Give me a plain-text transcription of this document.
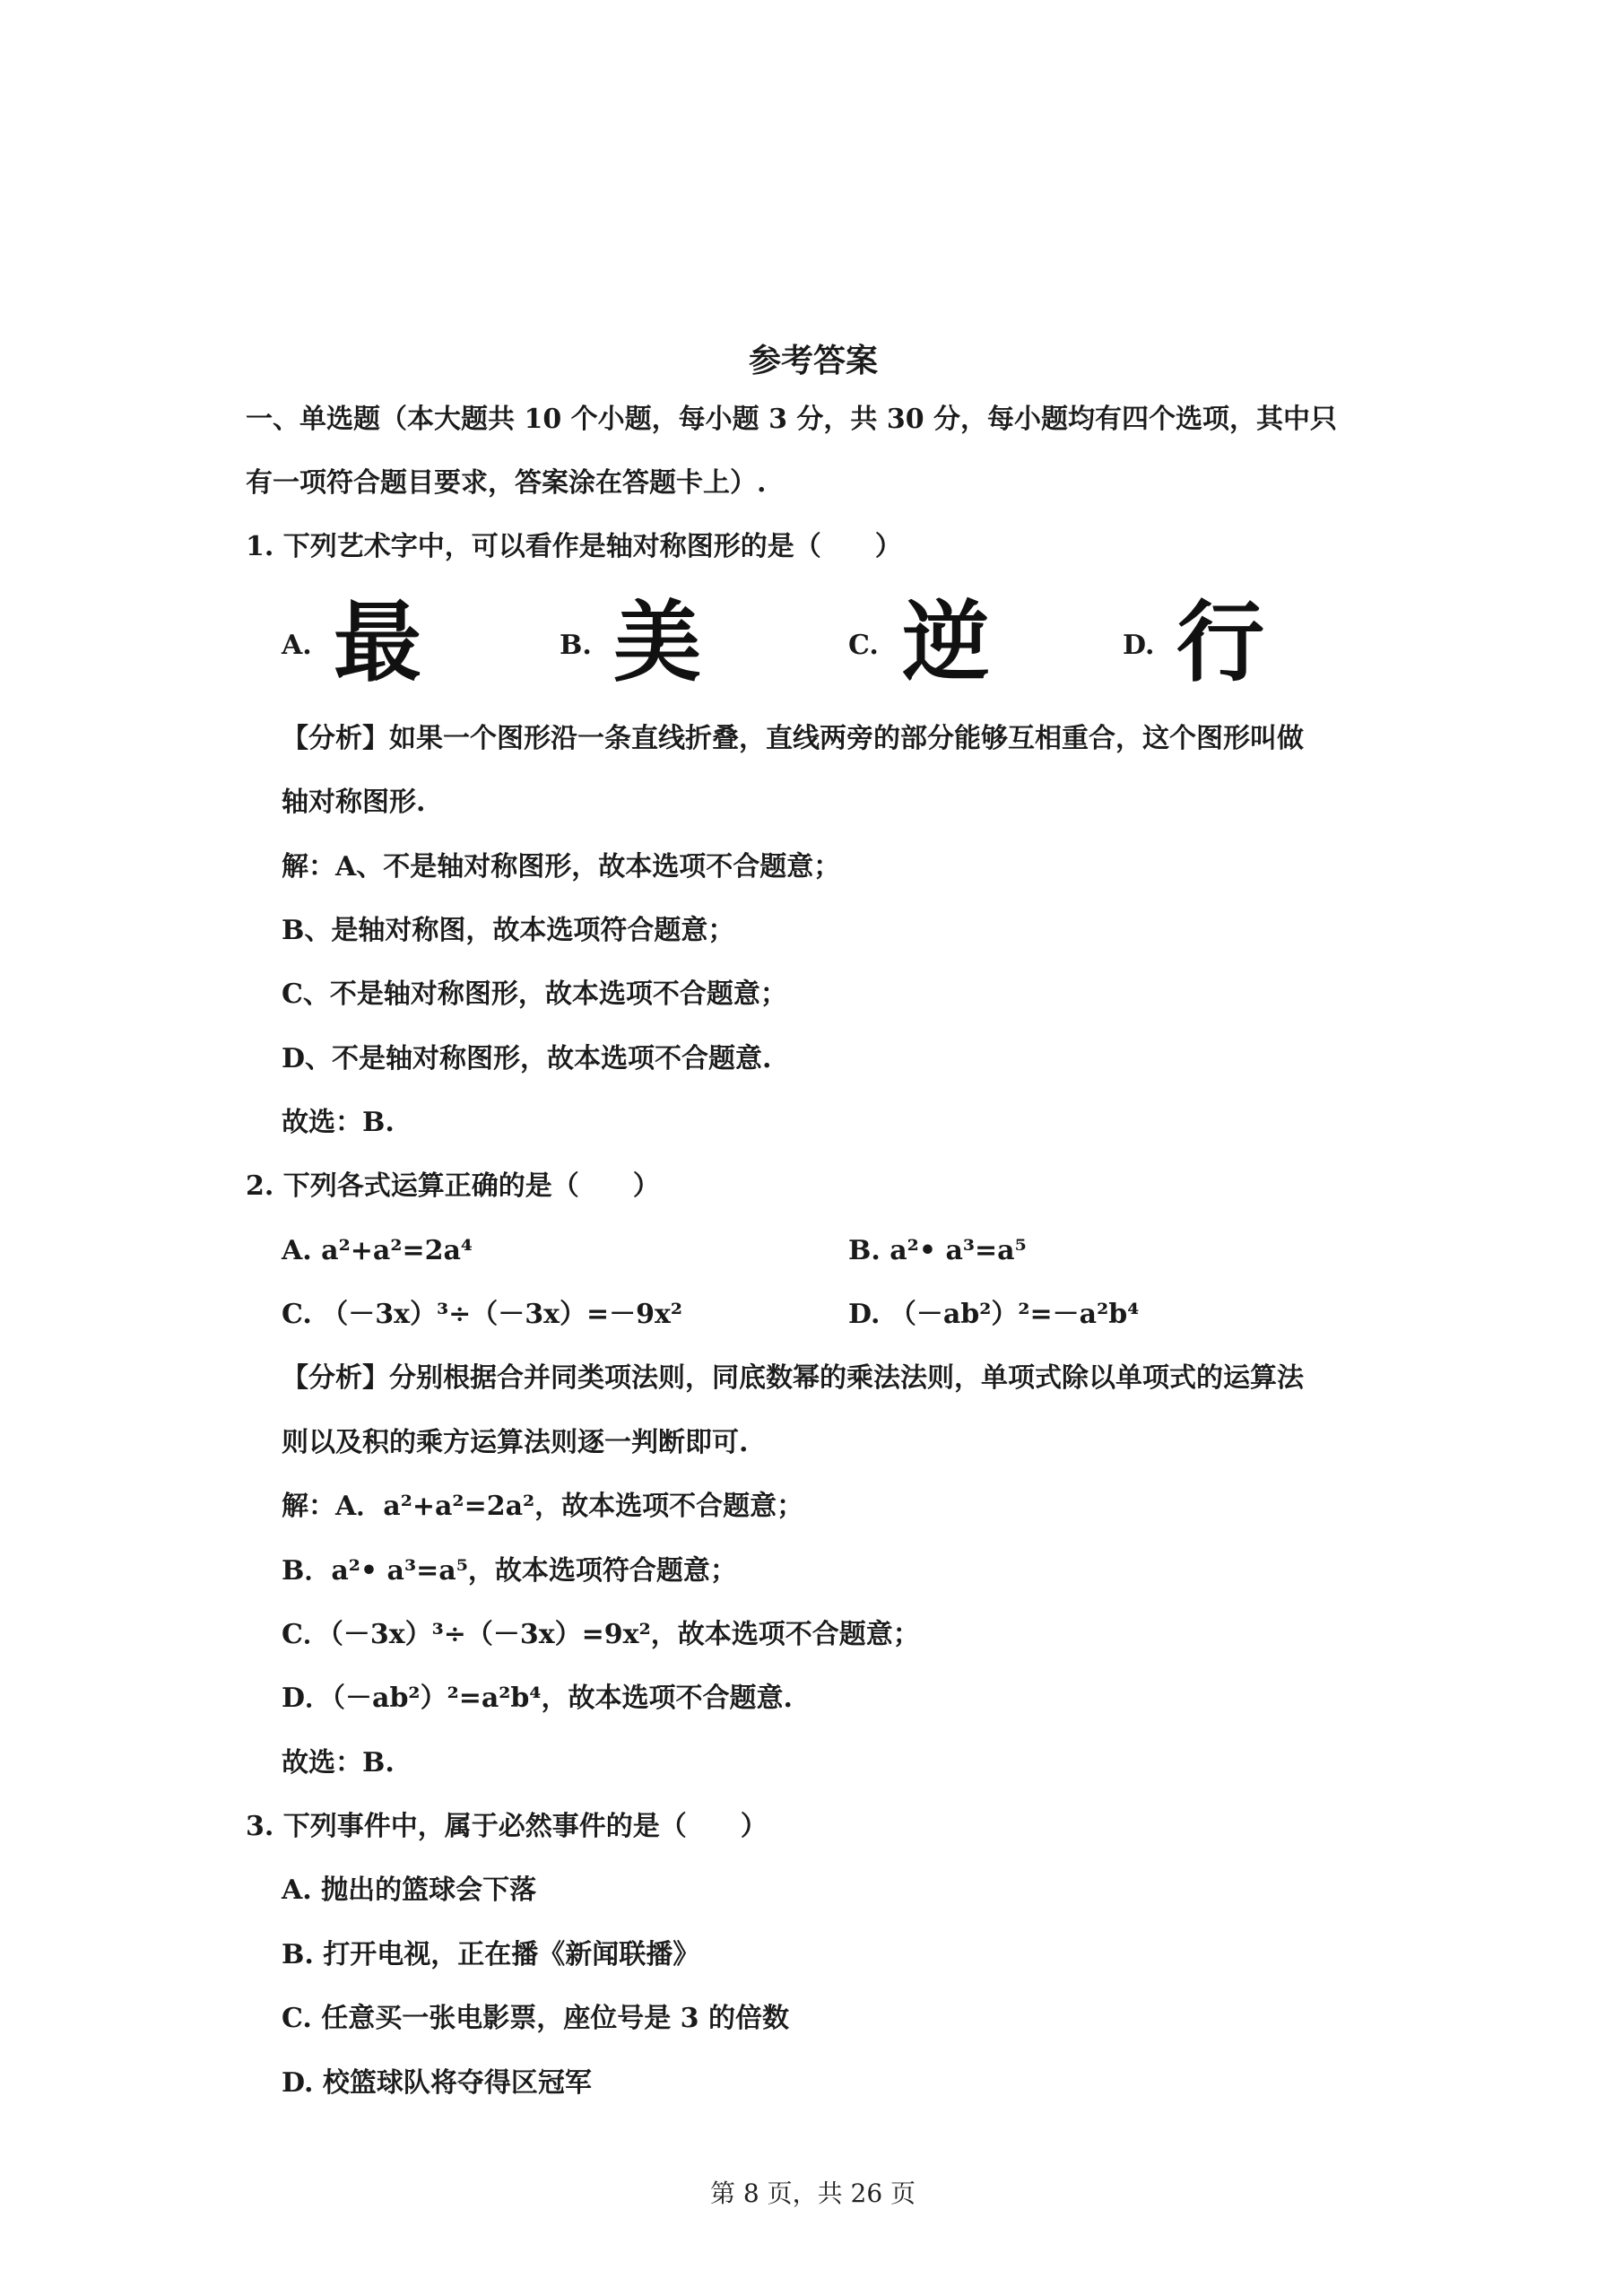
参考答案
一、单选题（本大题共 10 个小题，每小题 3 分，共 30 分，每小题均有四个选项，其中只
有一项符合题目要求，答案涂在答题卡上）.
1. 下列艺术字中，可以看作是轴对称图形的是（　　）
A. 最	B. 美	C. 逆	D. 行
【分析】如果一个图形沿一条直线折叠，直线两旁的部分能够互相重合，这个图形叫做
轴对称图形.
解：A、不是轴对称图形，故本选项不合题意；
B、是轴对称图，故本选项符合题意；
C、不是轴对称图形，故本选项不合题意；
D、不是轴对称图形，故本选项不合题意.
故选：B.
2. 下列各式运算正确的是（　　）
A. a²+a²=2a⁴	B. a²• a³=a⁵
C. （－3x）³÷（－3x）=－9x²	D. （－ab²）²=－a²b⁴
【分析】分别根据合并同类项法则，同底数幂的乘法法则，单项式除以单项式的运算法
则以及积的乘方运算法则逐一判断即可.
解：A．a²+a²=2a²，故本选项不合题意；
B．a²• a³=a⁵，故本选项符合题意；
C．（－3x）³÷（－3x）=9x²，故本选项不合题意；
D．（－ab²）²=a²b⁴，故本选项不合题意.
故选：B.
3. 下列事件中，属于必然事件的是（　　）
A. 抛出的篮球会下落
B. 打开电视，正在播《新闻联播》
C. 任意买一张电影票，座位号是 3 的倍数
D. 校篮球队将夺得区冠军
第 8 页，共 26 页
